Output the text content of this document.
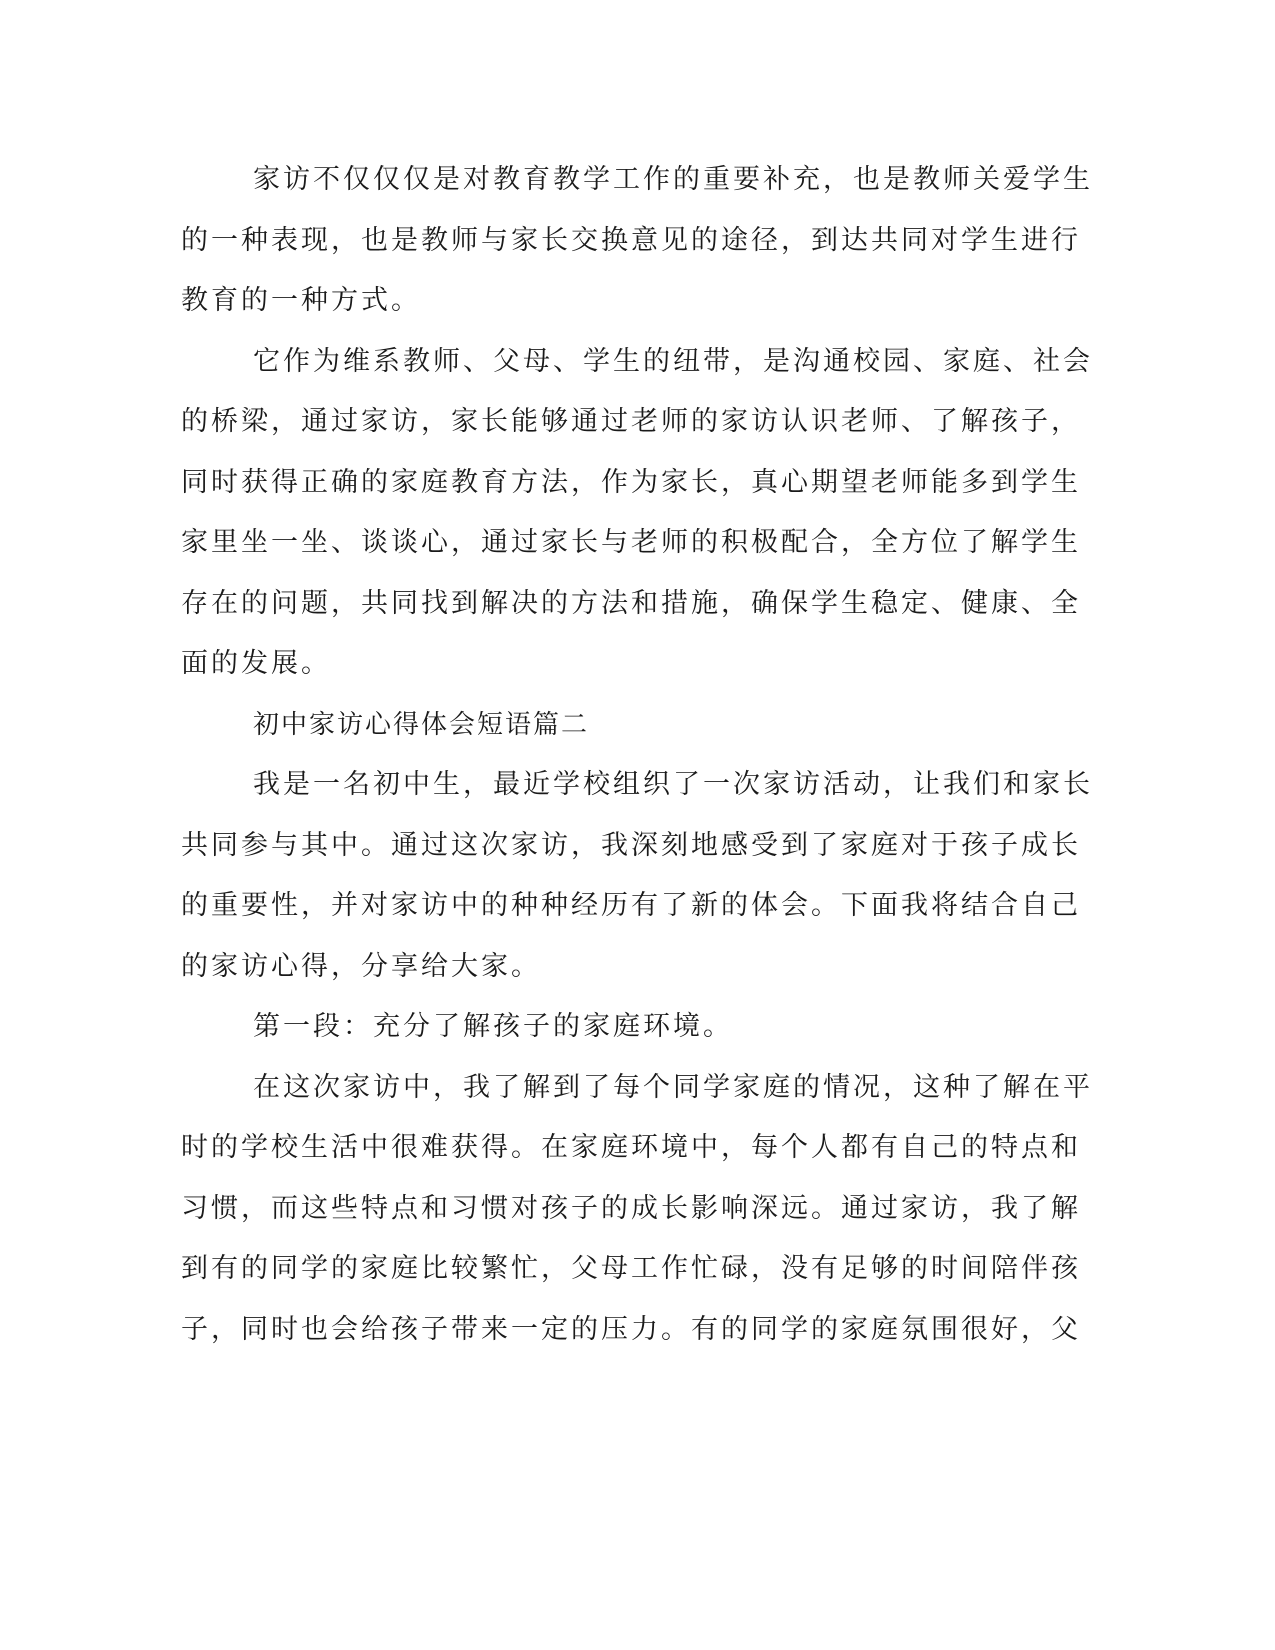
家访不仅仅仅是对教育教学工作的重要补充，也是教师关爱学生
的一种表现，也是教师与家长交换意见的途径，到达共同对学生进行
教育的一种方式。
它作为维系教师、父母、学生的纽带，是沟通校园、家庭、社会
的桥梁，通过家访，家长能够通过老师的家访认识老师、了解孩子，
同时获得正确的家庭教育方法，作为家长，真心期望老师能多到学生
家里坐一坐、谈谈心，通过家长与老师的积极配合，全方位了解学生
存在的问题，共同找到解决的方法和措施，确保学生稳定、健康、全
面的发展。
初中家访心得体会短语篇二
我是一名初中生，最近学校组织了一次家访活动，让我们和家长
共同参与其中。通过这次家访，我深刻地感受到了家庭对于孩子成长
的重要性，并对家访中的种种经历有了新的体会。下面我将结合自己
的家访心得，分享给大家。
第一段：充分了解孩子的家庭环境。
在这次家访中，我了解到了每个同学家庭的情况，这种了解在平
时的学校生活中很难获得。在家庭环境中，每个人都有自己的特点和
习惯，而这些特点和习惯对孩子的成长影响深远。通过家访，我了解
到有的同学的家庭比较繁忙，父母工作忙碌，没有足够的时间陪伴孩
子，同时也会给孩子带来一定的压力。有的同学的家庭氛围很好，父
